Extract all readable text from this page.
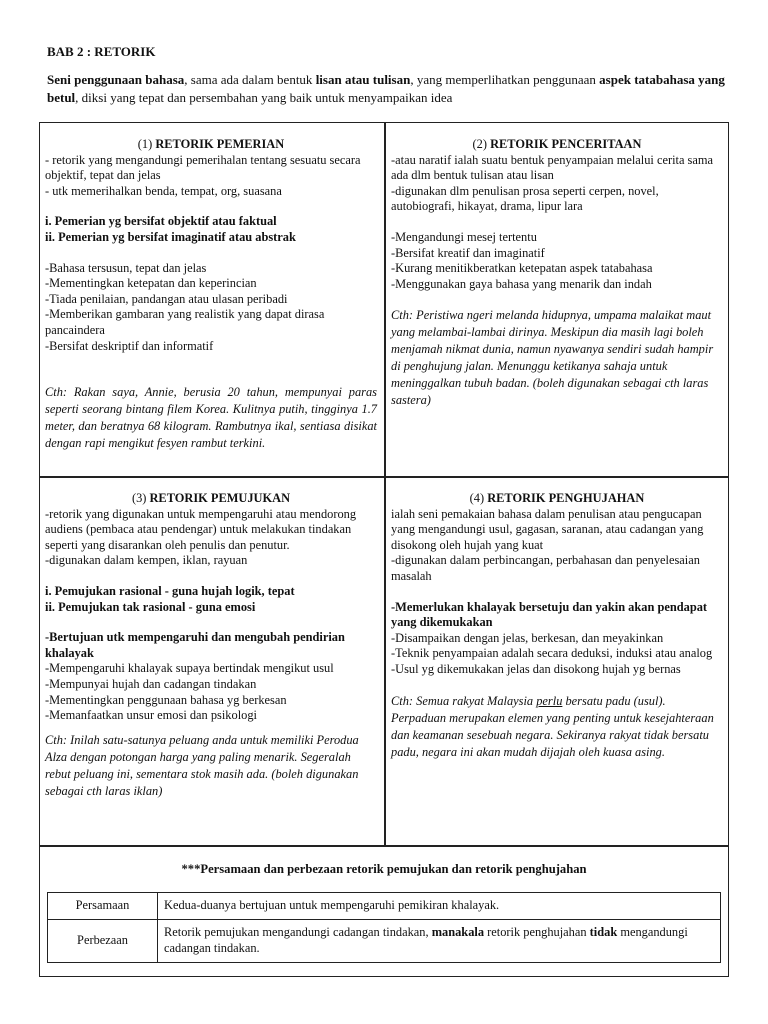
BAB 2 : RETORIK
Seni penggunaan bahasa, sama ada dalam bentuk lisan atau tulisan, yang memperlihatkan penggunaan aspek tatabahasa yang betul, diksi yang tepat dan persembahan yang baik untuk menyampaikan idea

(1) RETORIK PEMERIAN

- retorik yang mengandungi pemerihalan tentang sesuatu secara objektif, tepat dan jelas

- utk memerihalkan benda, tempat, org, suasana

i. Pemerian yg bersifat objektif atau faktual

ii. Pemerian yg bersifat imaginatif atau abstrak

-Bahasa tersusun, tepat dan jelas

-Mementingkan ketepatan dan keperincian

-Tiada penilaian, pandangan atau ulasan peribadi

-Memberikan gambaran yang realistik yang dapat dirasa pancaindera

-Bersifat deskriptif dan informatif

Cth: Rakan saya, Annie, berusia 20 tahun, mempunyai paras seperti seorang bintang filem Korea. Kulitnya putih, tingginya 1.7 meter, dan beratnya 68 kilogram. Rambutnya ikal, sentiasa disikat dengan rapi mengikut fesyen rambut terkini.

(2) RETORIK PENCERITAAN

-atau naratif ialah suatu bentuk penyampaian melalui cerita sama ada dlm bentuk tulisan atau lisan

-digunakan dlm penulisan prosa seperti cerpen, novel, autobiografi, hikayat, drama, lipur lara

-Mengandungi mesej tertentu

-Bersifat kreatif dan imaginatif

-Kurang menitikberatkan ketepatan aspek tatabahasa

-Menggunakan gaya bahasa yang menarik dan indah

Cth: Peristiwa ngeri melanda hidupnya, umpama malaikat maut yang melambai-lambai dirinya. Meskipun dia masih lagi boleh menjamah nikmat dunia, namun nyawanya sendiri sudah hampir di penghujung jalan. Menunggu ketikanya sahaja untuk meninggalkan tubuh badan. (boleh digunakan sebagai cth laras sastera)

(3) RETORIK PEMUJUKAN

-retorik yang digunakan untuk mempengaruhi atau mendorong audiens (pembaca atau pendengar) untuk melakukan tindakan seperti yang disarankan oleh penulis dan penutur.

-digunakan dalam kempen, iklan, rayuan

i. Pemujukan rasional - guna hujah logik, tepat

ii. Pemujukan tak rasional - guna emosi

-Bertujuan utk mempengaruhi dan mengubah pendirian khalayak

-Mempengaruhi khalayak supaya bertindak mengikut usul

-Mempunyai hujah dan cadangan tindakan

-Mementingkan penggunaan bahasa yg berkesan

-Memanfaatkan unsur emosi dan psikologi

Cth: Inilah satu-satunya peluang anda untuk memiliki Perodua Alza dengan potongan harga yang paling menarik. Segeralah rebut peluang ini, sementara stok masih ada. (boleh digunakan sebagai cth laras iklan)

(4) RETORIK PENGHUJAHAN

ialah seni pemakaian bahasa dalam penulisan atau pengucapan yang mengandungi usul, gagasan, saranan, atau cadangan yang disokong oleh hujah yang kuat

-digunakan dalam perbincangan, perbahasan dan penyelesaian masalah

-Memerlukan khalayak bersetuju dan yakin akan pendapat yang dikemukakan

-Disampaikan dengan jelas, berkesan, dan meyakinkan

-Teknik penyampaian adalah secara deduksi, induksi atau analog

-Usul yg dikemukakan jelas dan disokong hujah yg bernas

Cth: Semua rakyat Malaysia perlu bersatu padu (usul). Perpaduan merupakan elemen yang penting untuk kesejahteraan dan keamanan sesebuah negara. Sekiranya rakyat tidak bersatu padu, negara ini akan mudah dijajah oleh kuasa asing.

***Persamaan dan perbezaan retorik pemujukan dan retorik penghujahan
Persamaan	Kedua-duanya bertujuan untuk mempengaruhi pemikiran khalayak.
Perbezaan	Retorik pemujukan mengandungi cadangan tindakan, manakala retorik penghujahan tidak mengandungi cadangan tindakan.
